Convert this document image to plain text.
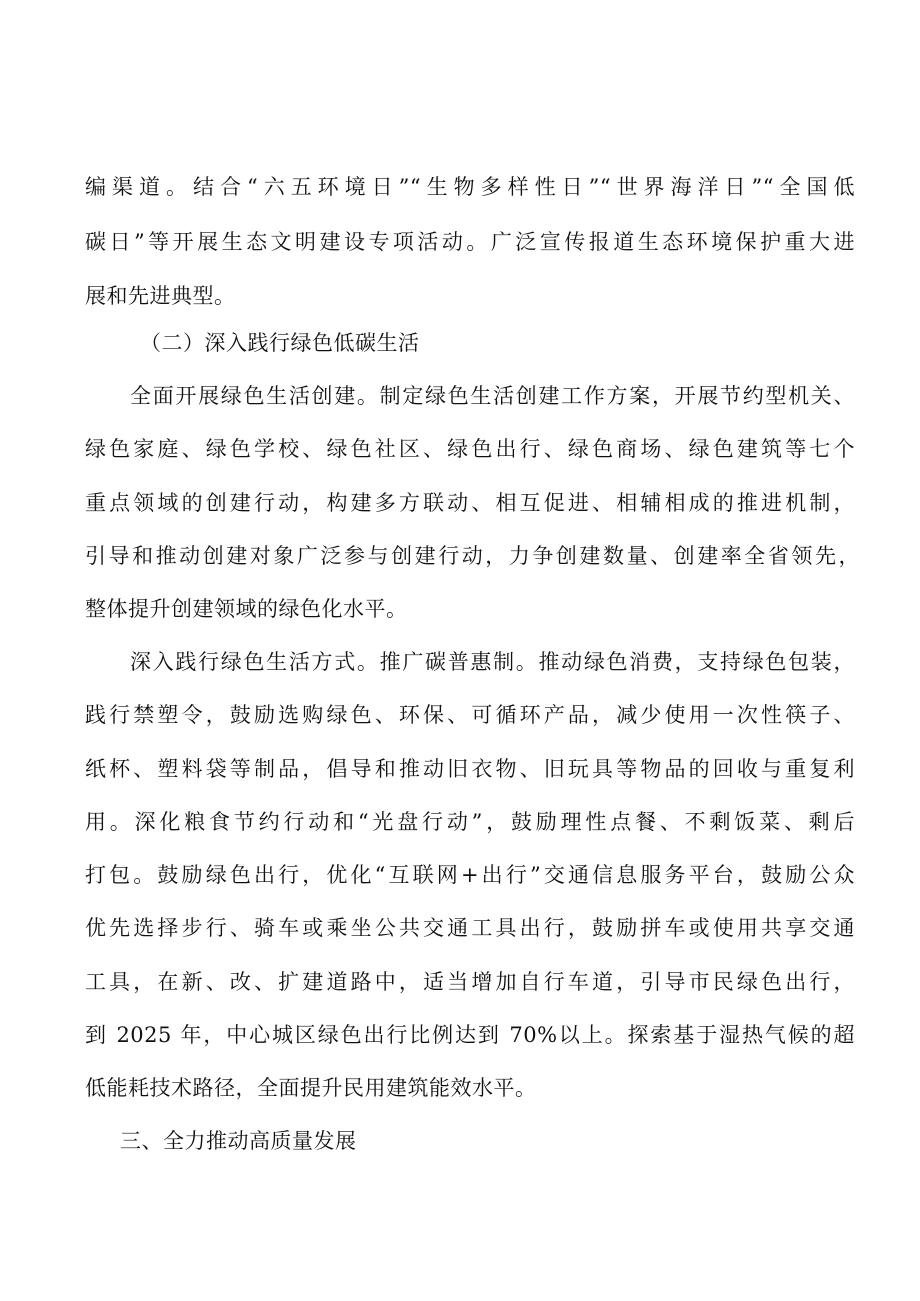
编渠道。结合“六五环境日”“生物多样性日”“世界海洋日”“全国低
碳日”等开展生态文明建设专项活动。广泛宣传报道生态环境保护重大进
展和先进典型。
（二）深入践行绿色低碳生活
全面开展绿色生活创建。制定绿色生活创建工作方案，开展节约型机关、
绿色家庭、绿色学校、绿色社区、绿色出行、绿色商场、绿色建筑等七个
重点领域的创建行动，构建多方联动、相互促进、相辅相成的推进机制，
引导和推动创建对象广泛参与创建行动，力争创建数量、创建率全省领先，
整体提升创建领域的绿色化水平。
深入践行绿色生活方式。推广碳普惠制。推动绿色消费，支持绿色包装，
践行禁塑令，鼓励选购绿色、环保、可循环产品，减少使用一次性筷子、
纸杯、塑料袋等制品，倡导和推动旧衣物、旧玩具等物品的回收与重复利
用。深化粮食节约行动和“光盘行动”，鼓励理性点餐、不剩饭菜、剩后
打包。鼓励绿色出行，优化“互联网+出行”交通信息服务平台，鼓励公众
优先选择步行、骑车或乘坐公共交通工具出行，鼓励拼车或使用共享交通
工具，在新、改、扩建道路中，适当增加自行车道，引导市民绿色出行，
到 2025 年，中心城区绿色出行比例达到 70%以上。探索基于湿热气候的超
低能耗技术路径，全面提升民用建筑能效水平。
三、全力推动高质量发展
